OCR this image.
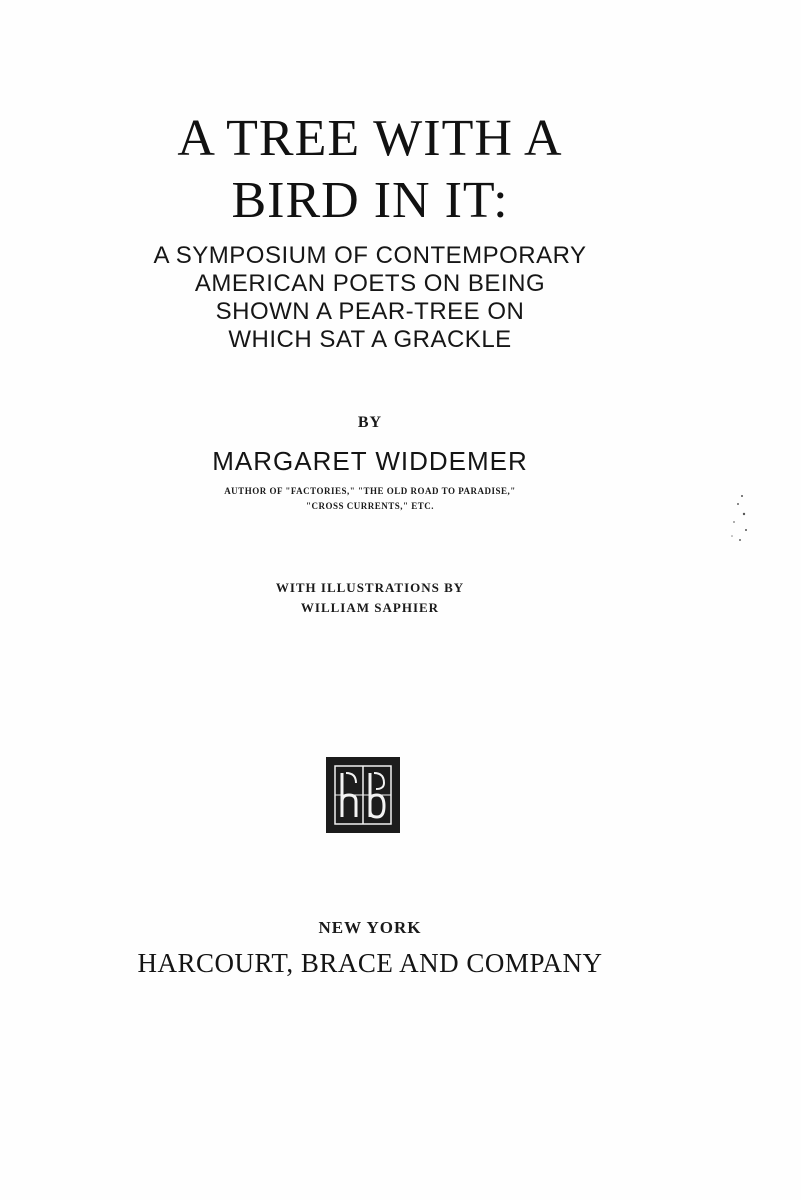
A TREE WITH A
BIRD IN IT:
A SYMPOSIUM OF CONTEMPORARY
AMERICAN POETS ON BEING
SHOWN A PEAR-TREE ON
WHICH SAT A GRACKLE
BY
MARGARET WIDDEMER
AUTHOR OF "FACTORIES," "THE OLD ROAD TO PARADISE,"
"CROSS CURRENTS," ETC.
WITH ILLUSTRATIONS BY
WILLIAM SAPHIER
NEW YORK
HARCOURT, BRACE AND COMPANY
